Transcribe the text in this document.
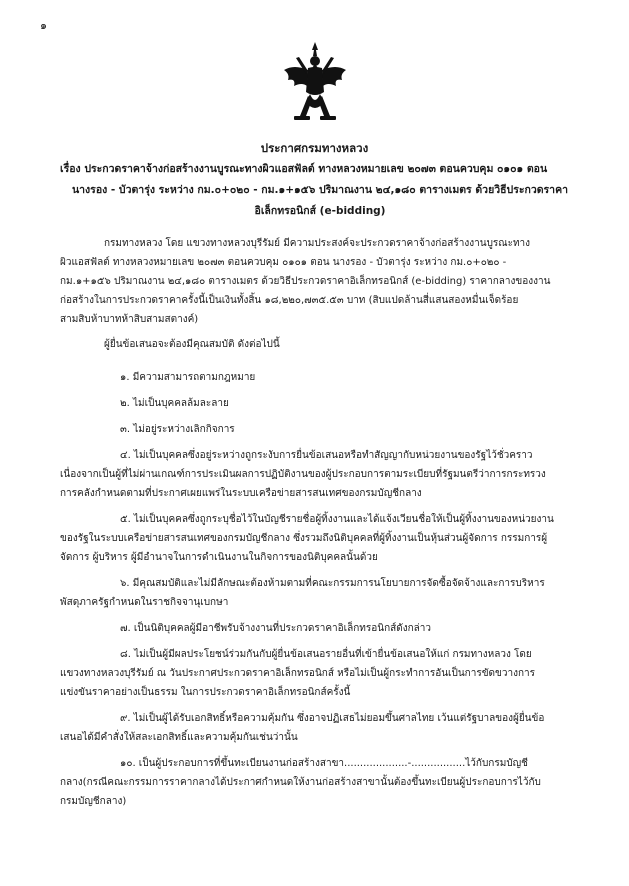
๑
ประกาศกรมทางหลวง
เรื่อง ประกวดราคาจ้างก่อสร้างงานบูรณะทางผิวแอสฟัลต์ ทางหลวงหมายเลข ๒๐๗๓ ตอนควบคุม ๐๑๐๑ ตอน
นางรอง - บัวตารุ่ง ระหว่าง กม.๐+๐๒๐ - กม.๑+๑๕๖ ปริมาณงาน ๒๔,๑๘๐ ตารางเมตร ด้วยวิธีประกวดราคา
อิเล็กทรอนิกส์ (e-bidding)
กรมทางหลวง โดย แขวงทางหลวงบุรีรัมย์ มีความประสงค์จะประกวดราคาจ้างก่อสร้างงานบูรณะทาง
ผิวแอสฟัลต์ ทางหลวงหมายเลข ๒๐๗๓ ตอนควบคุม ๐๑๐๑ ตอน นางรอง - บัวตารุ่ง ระหว่าง กม.๐+๐๒๐ -
กม.๑+๑๕๖ ปริมาณงาน ๒๔,๑๘๐ ตารางเมตร ด้วยวิธีประกวดราคาอิเล็กทรอนิกส์ (e-bidding) ราคากลางของงาน
ก่อสร้างในการประกวดราคาครั้งนี้เป็นเงินทั้งสิ้น ๑๘,๒๒๐,๗๓๕.๕๓ บาท (สิบแปดล้านสี่แสนสองหมื่นเจ็ดร้อย
สามสิบห้าบาทห้าสิบสามสตางค์)
ผู้ยื่นข้อเสนอจะต้องมีคุณสมบัติ ดังต่อไปนี้
๑. มีความสามารถตามกฎหมาย
๒. ไม่เป็นบุคคลล้มละลาย
๓. ไม่อยู่ระหว่างเลิกกิจการ
๔. ไม่เป็นบุคคลซึ่งอยู่ระหว่างถูกระงับการยื่นข้อเสนอหรือทำสัญญากับหน่วยงานของรัฐไว้ชั่วคราว
เนื่องจากเป็นผู้ที่ไม่ผ่านเกณฑ์การประเมินผลการปฏิบัติงานของผู้ประกอบการตามระเบียบที่รัฐมนตรีว่าการกระทรวง
การคลังกำหนดตามที่ประกาศเผยแพร่ในระบบเครือข่ายสารสนเทศของกรมบัญชีกลาง
๕. ไม่เป็นบุคคลซึ่งถูกระบุชื่อไว้ในบัญชีรายชื่อผู้ทิ้งงานและได้แจ้งเวียนชื่อให้เป็นผู้ทิ้งงานของหน่วยงาน
ของรัฐในระบบเครือข่ายสารสนเทศของกรมบัญชีกลาง ซึ่งรวมถึงนิติบุคคลที่ผู้ทิ้งงานเป็นหุ้นส่วนผู้จัดการ กรรมการผู้
จัดการ ผู้บริหาร ผู้มีอำนาจในการดำเนินงานในกิจการของนิติบุคคลนั้นด้วย
๖. มีคุณสมบัติและไม่มีลักษณะต้องห้ามตามที่คณะกรรมการนโยบายการจัดซื้อจัดจ้างและการบริหาร
พัสดุภาครัฐกำหนดในราชกิจจานุเบกษา
๗. เป็นนิติบุคคลผู้มีอาชีพรับจ้างงานที่ประกวดราคาอิเล็กทรอนิกส์ดังกล่าว
๘. ไม่เป็นผู้มีผลประโยชน์ร่วมกันกับผู้ยื่นข้อเสนอรายอื่นที่เข้ายื่นข้อเสนอให้แก่ กรมทางหลวง โดย
แขวงทางหลวงบุรีรัมย์ ณ วันประกาศประกวดราคาอิเล็กทรอนิกส์ หรือไม่เป็นผู้กระทำการอันเป็นการขัดขวางการ
แข่งขันราคาอย่างเป็นธรรม ในการประกวดราคาอิเล็กทรอนิกส์ครั้งนี้
๙. ไม่เป็นผู้ได้รับเอกสิทธิ์หรือความคุ้มกัน ซึ่งอาจปฏิเสธไม่ยอมขึ้นศาลไทย เว้นแต่รัฐบาลของผู้ยื่นข้อ
เสนอได้มีคำสั่งให้สละเอกสิทธิ์และความคุ้มกันเช่นว่านั้น
๑๐. เป็นผู้ประกอบการที่ขึ้นทะเบียนงานก่อสร้างสาขา....................-.................ไว้กับกรมบัญชี
กลาง(กรณีคณะกรรมการราคากลางได้ประกาศกำหนดให้งานก่อสร้างสาขานั้นต้องขึ้นทะเบียนผู้ประกอบการไว้กับ
กรมบัญชีกลาง)
